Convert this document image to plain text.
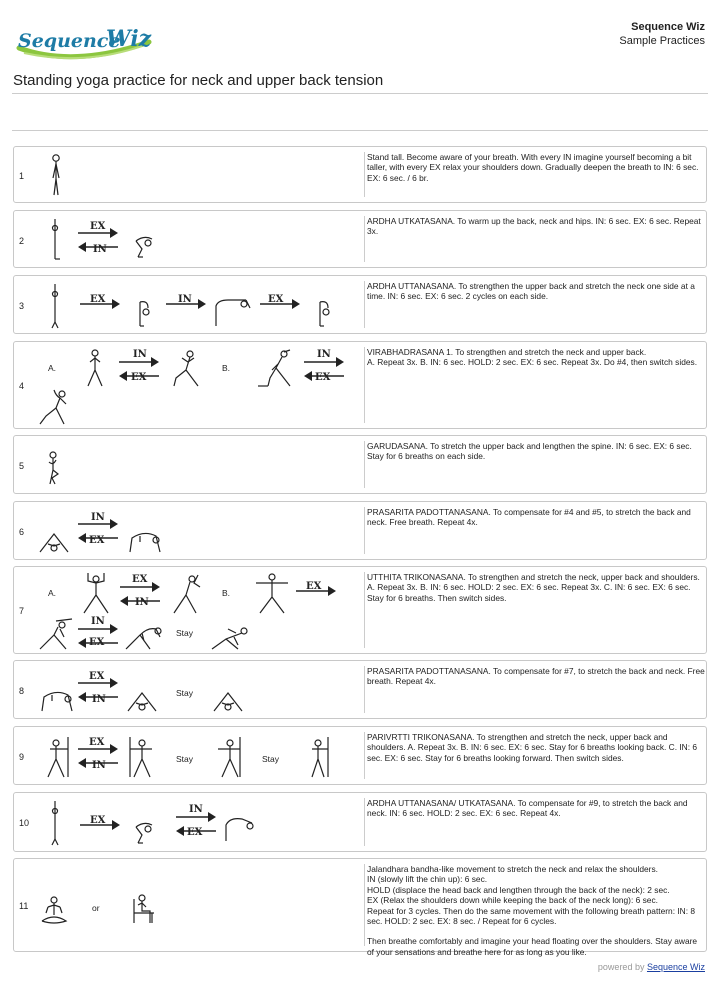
Sequence
Wiz	Sequence Wiz
Sample Practices
Standing yoga practice for neck and upper back tension
1
Stand tall. Become aware of your breath. With every IN imagine yourself becoming a bit taller, with every EX relax your shoulders down. Gradually deepen the breath to IN: 6 sec. EX: 6 sec. / 6 br.
2
EX
IN
ARDHA UTKATASANA. To warm up the back, neck and hips. IN: 6 sec. EX: 6 sec. Repeat 3x.
3
EX	IN	EX
ARDHA UTTANASANA. To strengthen the upper back and stretch the neck one side at a time. IN: 6 sec. EX: 6 sec. 2 cycles on each side.
4
A.
IN
EX
B.
IN
EX
VIRABHADRASANA 1. To strengthen and stretch the neck and upper back.
A. Repeat 3x. B. IN: 6 sec. HOLD: 2 sec. EX: 6 sec. Repeat 3x. Do #4, then switch sides.
5
GARUDASANA. To stretch the upper back and lengthen the spine. IN: 6 sec. EX: 6 sec. Stay for 6 breaths on each side.
6
IN
EX
PRASARITA PADOTTANASANA. To compensate for #4 and #5, to stretch the back and neck. Free breath. Repeat 4x.
7
A.
EX
IN
B.
EX
IN
EX
Stay
UTTHITA TRIKONASANA. To strengthen and stretch the neck, upper back and shoulders. A. Repeat 3x. B. IN: 6 sec. HOLD: 2 sec. EX: 6 sec. Repeat 3x. C. IN: 6 sec. EX: 6 sec. Stay for 6 breaths. Then switch sides.
8
EX
IN
Stay
PRASARITA PADOTTANASANA. To compensate for #7, to stretch the back and neck. Free breath. Repeat 4x.
9
EX
IN
Stay	Stay
PARIVRTTI TRIKONASANA. To strengthen and stretch the neck, upper back and shoulders. A. Repeat 3x. B. IN: 6 sec. EX: 6 sec. Stay for 6 breaths looking back. C. IN: 6 sec. EX: 6 sec. Stay for 6 breaths looking forward. Then switch sides.
10	EX
IN
EX
ARDHA UTTANASANA/ UTKATASANA. To compensate for #9, to stretch the back and neck. IN: 6 sec. HOLD: 2 sec. EX: 6 sec. Repeat 4x.
11	or
Jalandhara bandha-like movement to stretch the neck and relax the shoulders.
IN (slowly lift the chin up): 6 sec.
HOLD (displace the head back and lengthen through the back of the neck): 2 sec.
EX (Relax the shoulders down while keeping the back of the neck long): 6 sec.
Repeat for 3 cycles. Then do the same movement with the following breath pattern: IN: 8 sec. HOLD: 2 sec. EX: 8 sec. / Repeat for 6 cycles.
Then breathe comfortably and imagine your head floating over the shoulders. Stay aware of your sensations and breathe here for as long as you like.
powered by Sequence Wiz
